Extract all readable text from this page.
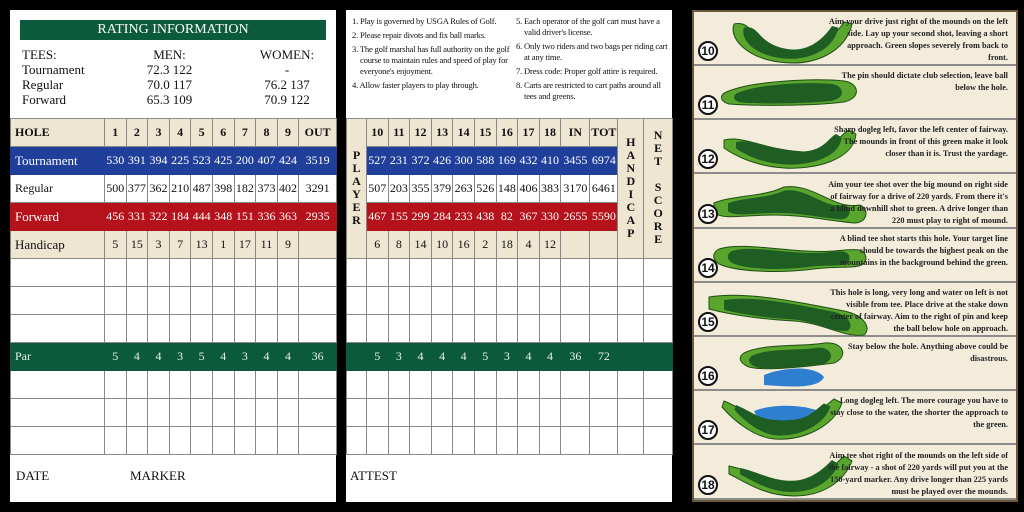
RATING INFORMATION
TEES:	MEN:	WOMEN:
Tournament	72.3 122	-
Regular	70.0 117	76.2 137
Forward	65.3 109	70.9 122
HOLE	1	2	3	4	5	6	7	8	9	OUT
Tournament	530	391	394	225	523	425	200	407	424	3519
Regular	500	377	362	210	487	398	182	373	402	3291
Forward	456	331	322	184	444	348	151	336	363	2935
Handicap	5	15	3	7	13	1	17	11	9	

Par	5	4	4	3	5	4	3	4	4	36

DATE	MARKER
1. Play is governed by USGA Rules of Golf.
2. Please repair divots and fix ball marks.
3. The golf marshal has full authority on the golf course to maintain rules and speed of play for everyone's enjoyment.
4. Allow faster players to play through.
5. Each operator of the golf cart must have a valid driver's license.
6. Only two riders and two bags per riding cart at any time.
7. Dress code: Proper golf attire is required.
8. Carts are restricted to cart paths around all tees and greens.
PLAYER	10	11	12	13	14	15	16	17	18	IN	TOT	HANDICAP	NET SCORE
	527	231	372	426	300	588	169	432	410	3455	6974		
	507	203	355	379	263	526	148	406	383	3170	6461		
	467	155	299	284	233	438	82	367	330	2655	5590		
	6	8	14	10	16	2	18	4	12				

	5	3	4	4	4	5	3	4	4	36	72		

ATTEST
10
Aim your drive just right of the mounds on the left side. Lay up your second shot, leaving a short approach. Green slopes severely from back to front.
11
The pin should dictate club selection, leave ball below the hole.
12
Sharp dogleg left, favor the left center of fairway. The mounds in front of this green make it look closer than it is. Trust the yardage.
13
Aim your tee shot over the big mound on right side of fairway for a drive of 220 yards. From there it's a blind downhill shot to green. A drive longer than 220 must play to right of mound.
14
A blind tee shot starts this hole. Your target line should be towards the highest peak on the mountains in the background behind the green.
15
This hole is long, very long and water on left is not visible from tee. Place drive at the stake down center of fairway. Aim to the right of pin and keep the ball below hole on approach.
16
Stay below the hole. Anything above could be disastrous.
17
Long dogleg left. The more courage you have to stay close to the water, the shorter the approach to the green.
18
Aim tee shot right of the mounds on the left side of the fairway - a shot of 220 yards will put you at the 150-yard marker. Any drive longer than 225 yards must be played over the mounds.
